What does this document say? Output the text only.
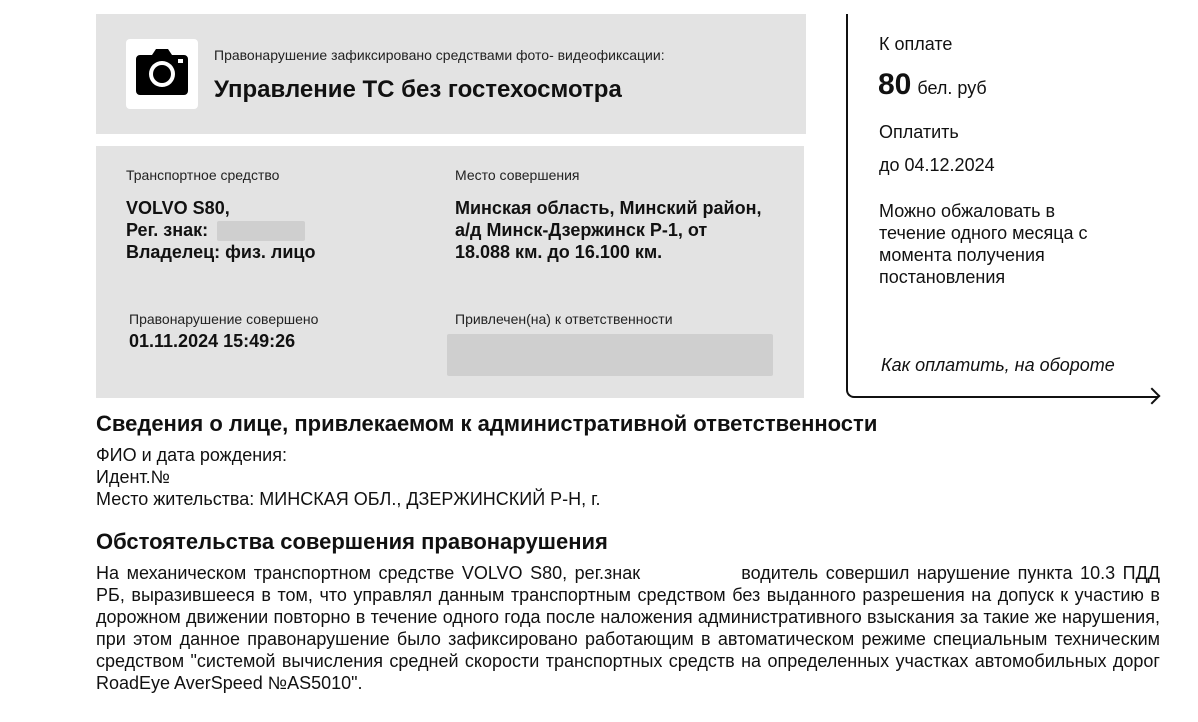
Правонарушение зафиксировано средствами фото- видеофиксации:
Управление ТС без гостехосмотра
Транспортное средство
VOLVO S80,
Рег. знак:
Владелец: физ. лицо
Место совершения
Минская область, Минский район,
а/д Минск-Дзержинск Р-1, от
18.088 км. до 16.100 км.
Правонарушение совершено
01.11.2024 15:49:26
Привлечен(на) к ответственности
К оплате
80 бел. руб
Оплатить
до 04.12.2024
Можно обжаловать в
течение одного месяца с
момента получения
постановления
Как оплатить, на обороте
Сведения о лице, привлекаемом к административной ответственности
ФИО и дата рождения:
Идент.№
Место жительства: МИНСКАЯ ОБЛ., ДЗЕРЖИНСКИЙ Р-Н, г.
Обстоятельства совершения правонарушения
На механическом транспортном средстве VOLVO S80, рег.знак	водитель совершил нарушение пункта 10.3 ПДД РБ, выразившееся в том, что управлял данным транспортным средством без выданного разрешения на допуск к участию в дорожном движении повторно в течение одного года после наложения административного взыскания за такие же нарушения, при этом данное правонарушение было зафиксировано работающим в автоматическом режиме специальным техническим средством "системой вычисления средней скорости транспортных средств на определенных участках автомобильных дорог RoadEye AverSpeed №AS5010".
